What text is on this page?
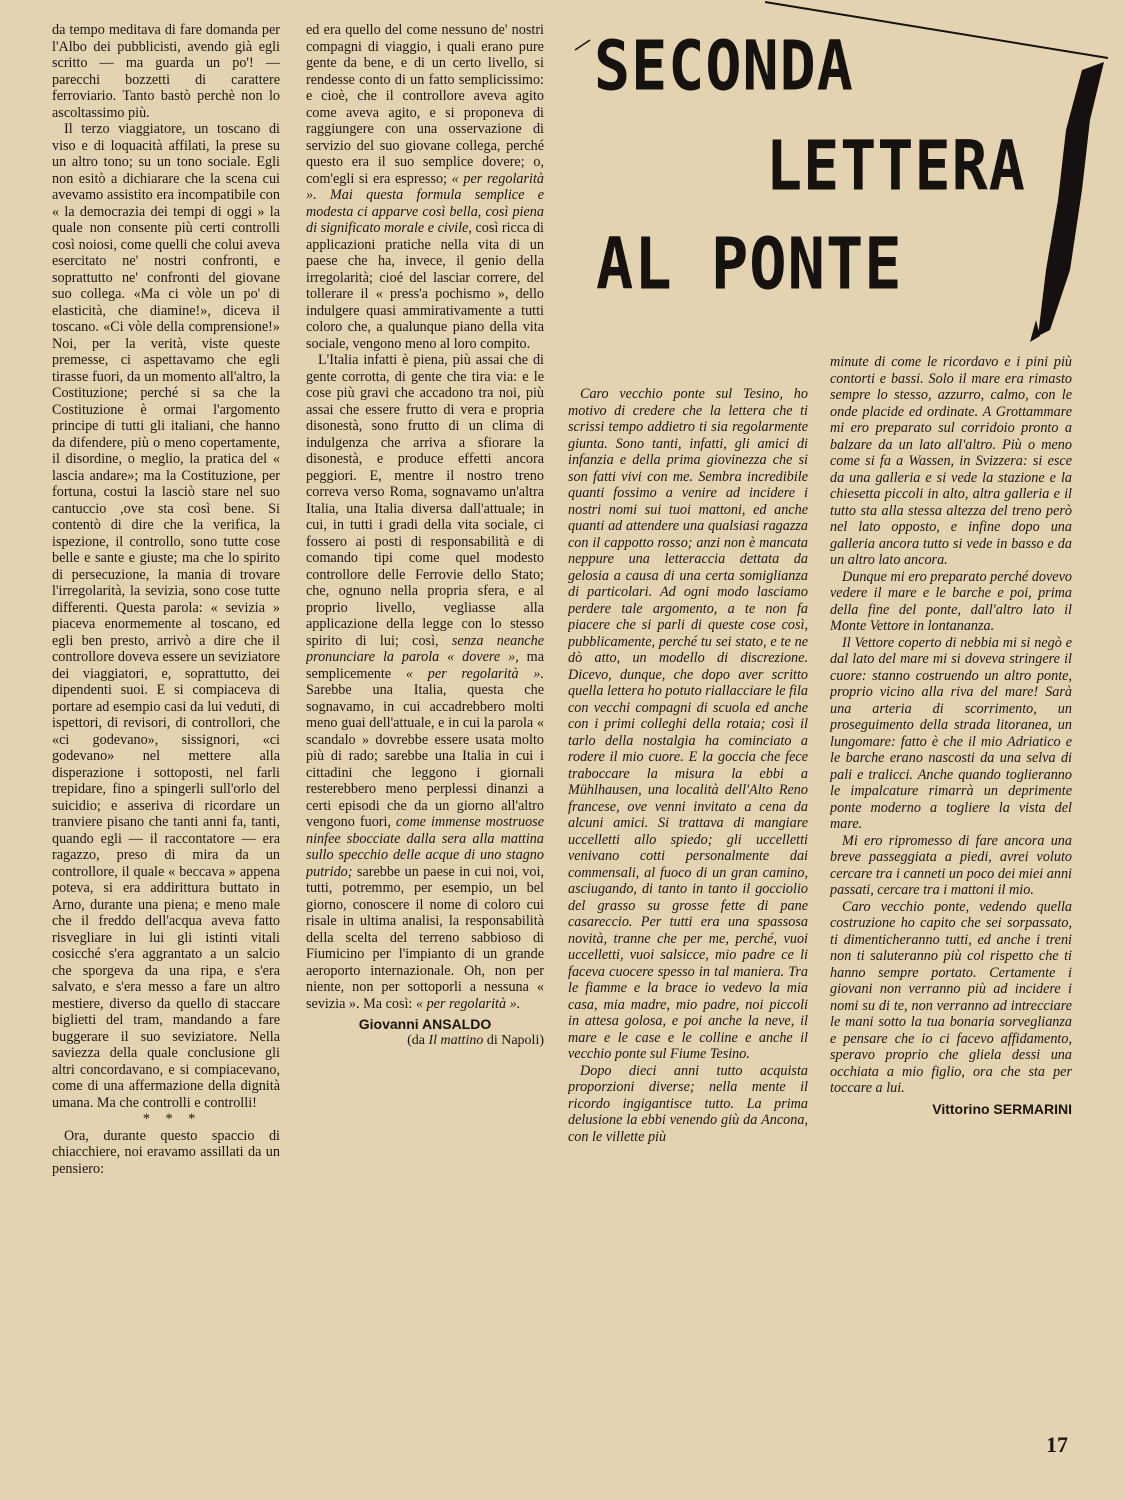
SECONDA
LETTERA
AL PONTE

da tempo meditava di fare domanda per l'Albo dei pubblicisti, avendo già egli scritto — ma guarda un po'! — parecchi bozzetti di carattere ferroviario. Tanto bastò perchè non lo ascoltassimo più.

Il terzo viaggiatore, un toscano di viso e di loquacità affilati, la prese su un altro tono; su un tono sociale. Egli non esitò a dichiarare che la scena cui avevamo assistito era incompatibile con « la democrazia dei tempi di oggi » la quale non consente più certi controlli così noiosi, come quelli che colui aveva esercitato ne' nostri confronti, e soprattutto ne' confronti del giovane suo collega. «Ma ci vòle un po' di elasticità, che diamine!», diceva il toscano. «Ci vòle della comprensione!» Noi, per la verità, viste queste premesse, ci aspettavamo che egli tirasse fuori, da un momento all'altro, la Costituzione; perché si sa che la Costituzione è ormai l'argomento principe di tutti gli italiani, che hanno da difendere, più o meno copertamente, il disordine, o meglio, la pratica del « lascia andare»; ma la Costituzione, per fortuna, costui la lasciò stare nel suo cantuccio ,ove sta così bene. Si contentò di dire che la verifica, la ispezione, il controllo, sono tutte cose belle e sante e giuste; ma che lo spirito di persecuzione, la mania di trovare l'irregolarità, la sevizia, sono cose tutte differenti. Questa parola: « sevizia » piaceva enormemente al toscano, ed egli ben presto, arrivò a dire che il controllore doveva essere un seviziatore dei viaggiatori, e, soprattutto, dei dipendenti suoi. E si compiaceva di portare ad esempio casi da lui veduti, di ispettori, di revisori, di controllori, che «ci godevano», sissignori, «ci godevano» nel mettere alla disperazione i sottoposti, nel farli trepidare, fino a spingerli sull'orlo del suicidio; e asseriva di ricordare un tranviere pisano che tanti anni fa, tanti, quando egli — il raccontatore — era ragazzo, preso di mira da un controllore, il quale « beccava » appena poteva, si era addirittura buttato in Arno, durante una piena; e meno male che il freddo dell'acqua aveva fatto risvegliare in lui gli istinti vitali cosicché s'era aggrantato a un salcio che sporgeva da una ripa, e s'era salvato, e s'era messo a fare un altro mestiere, diverso da quello di staccare biglietti del tram, mandando a fare buggerare il suo seviziatore. Nella saviezza della quale conclusione gli altri concordavano, e si compiacevano, come di una affermazione della dignità umana. Ma che controlli e controlli!

* * *

Ora, durante questo spaccio di chiacchiere, noi eravamo assillati da un pensiero:

ed era quello del come nessuno de' nostri compagni di viaggio, i quali erano pure gente da bene, e di un certo livello, si rendesse conto di un fatto semplicissimo: e cioè, che il controllore aveva agito come aveva agito, e si proponeva di raggiungere con una osservazione di servizio del suo giovane collega, perché questo era il suo semplice dovere; o, com'egli si era espresso; « per regolarità ». Mai questa formula semplice e modesta ci apparve così bella, così piena di significato morale e civile, così ricca di applicazioni pratiche nella vita di un paese che ha, invece, il genio della irregolarità; cioé del lasciar correre, del tollerare il « press'a pochismo », dello indulgere quasi ammirativamente a tutti coloro che, a qualunque piano della vita sociale, vengono meno al loro compito.

L'Italia infatti è piena, più assai che di gente corrotta, di gente che tira via: e le cose più gravi che accadono tra noi, più assai che essere frutto di vera e propria disonestà, sono frutto di un clima di indulgenza che arriva a sfiorare la disonestà, e produce effetti ancora peggiori. E, mentre il nostro treno correva verso Roma, sognavamo un'altra Italia, una Italia diversa dall'attuale; in cui, in tutti i gradi della vita sociale, ci fossero ai posti di responsabilità e di comando tipi come quel modesto controllore delle Ferrovie dello Stato; che, ognuno nella propria sfera, e al proprio livello, vegliasse alla applicazione della legge con lo stesso spirito di lui; così, senza neanche pronunciare la parola « dovere », ma semplicemente « per regolarità ». Sarebbe una Italia, questa che sognavamo, in cui accadrebbero molti meno guai dell'attuale, e in cui la parola « scandalo » dovrebbe essere usata molto più di rado; sarebbe una Italia in cui i cittadini che leggono i giornali resterebbero meno perplessi dinanzi a certi episodi che da un giorno all'altro vengono fuori, come immense mostruose ninfee sbocciate dalla sera alla mattina sullo specchio delle acque di uno stagno putrido; sarebbe un paese in cui noi, voi, tutti, potremmo, per esempio, un bel giorno, conoscere il nome di coloro cui risale in ultima analisi, la responsabilità della scelta del terreno sabbioso di Fiumicino per l'impianto di un grande aeroporto internazionale. Oh, non per niente, non per sottoporli a nessuna « sevizia ». Ma così: « per regolarità ».

Giovanni ANSALDO
(da Il mattino di Napoli)

Caro vecchio ponte sul Tesino, ho motivo di credere che la lettera che ti scrissi tempo addietro ti sia regolarmente giunta. Sono tanti, infatti, gli amici di infanzia e della prima giovinezza che si son fatti vivi con me. Sembra incredibile quanti fossimo a venire ad incidere i nostri nomi sui tuoi mattoni, ed anche quanti ad attendere una qualsiasi ragazza con il cappotto rosso; anzi non è mancata neppure una letteraccia dettata da gelosia a causa di una certa somiglianza di particolari. Ad ogni modo lasciamo perdere tale argomento, a te non fa piacere che si parli di queste cose così, pubblicamente, perché tu sei stato, e te ne dò atto, un modello di discrezione. Dicevo, dunque, che dopo aver scritto quella lettera ho potuto riallacciare le fila con vecchi compagni di scuola ed anche con i primi colleghi della rotaia; così il tarlo della nostalgia ha cominciato a rodere il mio cuore. E la goccia che fece traboccare la misura la ebbi a Mühlhausen, una località dell'Alto Reno francese, ove venni invitato a cena da alcuni amici. Si trattava di mangiare uccelletti allo spiedo; gli uccelletti venivano cotti personalmente dai commensali, al fuoco di un gran camino, asciugando, di tanto in tanto il gocciolio del grasso su grosse fette di pane casareccio. Per tutti era una spassosa novità, tranne che per me, perché, vuoi uccelletti, vuoi salsicce, mio padre ce li faceva cuocere spesso in tal maniera. Tra le fiamme e la brace io vedevo la mia casa, mia madre, mio padre, noi piccoli in attesa golosa, e poi anche la neve, il mare e le case e le colline e anche il vecchio ponte sul Fiume Tesino.

Dopo dieci anni tutto acquista proporzioni diverse; nella mente il ricordo ingigantisce tutto. La prima delusione la ebbi venendo giù da Ancona, con le villette più

minute di come le ricordavo e i pini più contorti e bassi. Solo il mare era rimasto sempre lo stesso, azzurro, calmo, con le onde placide ed ordinate. A Grottammare mi ero preparato sul corridoio pronto a balzare da un lato all'altro. Più o meno come si fa a Wassen, in Svizzera: si esce da una galleria e si vede la stazione e la chiesetta piccoli in alto, altra galleria e il tutto sta alla stessa altezza del treno però nel lato opposto, e infine dopo una galleria ancora tutto si vede in basso e da un altro lato ancora.

Dunque mi ero preparato perché dovevo vedere il mare e le barche e poi, prima della fine del ponte, dall'altro lato il Monte Vettore in lontananza.

Il Vettore coperto di nebbia mi si negò e dal lato del mare mi si doveva stringere il cuore: stanno costruendo un altro ponte, proprio vicino alla riva del mare! Sarà una arteria di scorrimento, un proseguimento della strada litoranea, un lungomare: fatto è che il mio Adriatico e le barche erano nascosti da una selva di pali e tralicci. Anche quando toglieranno le impalcature rimarrà un deprimente ponte moderno a togliere la vista del mare.

Mi ero ripromesso di fare ancora una breve passeggiata a piedi, avrei voluto cercare tra i canneti un poco dei miei anni passati, cercare tra i mattoni il mio.

Caro vecchio ponte, vedendo quella costruzione ho capito che sei sorpassato, ti dimenticheranno tutti, ed anche i treni non ti saluteranno più col rispetto che ti hanno sempre portato. Certamente i giovani non verranno più ad incidere i nomi su di te, non verranno ad intrecciare le mani sotto la tua bonaria sorveglianza e pensare che io ci facevo affidamento, speravo proprio che gliela dessi una occhiata a mio figlio, ora che sta per toccare a lui.

Vittorino SERMARINI
17
